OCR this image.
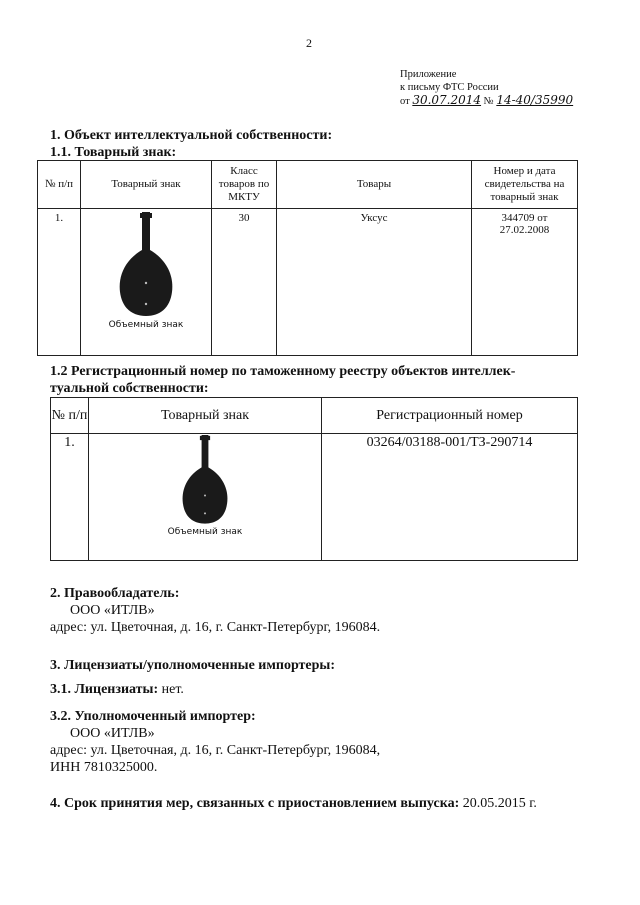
2
Приложение
к письму ФТС России
от 30.07.2014 № 14-40/35990
1. Объект интеллектуальной собственности:
1.1. Товарный знак:
№ п/п	Товарный знак	Класс товаров по МКТУ	Товары	Номер и дата свидетельства на товарный знак
1.	Объемный знак	30	Уксус	344709 от
27.02.2008
1.2 Регистрационный номер по таможенному реестру объектов интеллек-
туальной собственности:
№ п/п	Товарный знак	Регистрационный номер
1.	Объемный знак	03264/03188-001/ТЗ-290714
2. Правообладатель:
ООО «ИТЛВ»
адрес: ул. Цветочная, д. 16, г. Санкт-Петербург, 196084.
3. Лицензиаты/уполномоченные импортеры:
3.1. Лицензиаты: нет.
3.2. Уполномоченный импортер:
ООО «ИТЛВ»
адрес: ул. Цветочная, д. 16, г. Санкт-Петербург, 196084,
ИНН 7810325000.
4. Срок принятия мер, связанных с приостановлением выпуска: 20.05.2015 г.
